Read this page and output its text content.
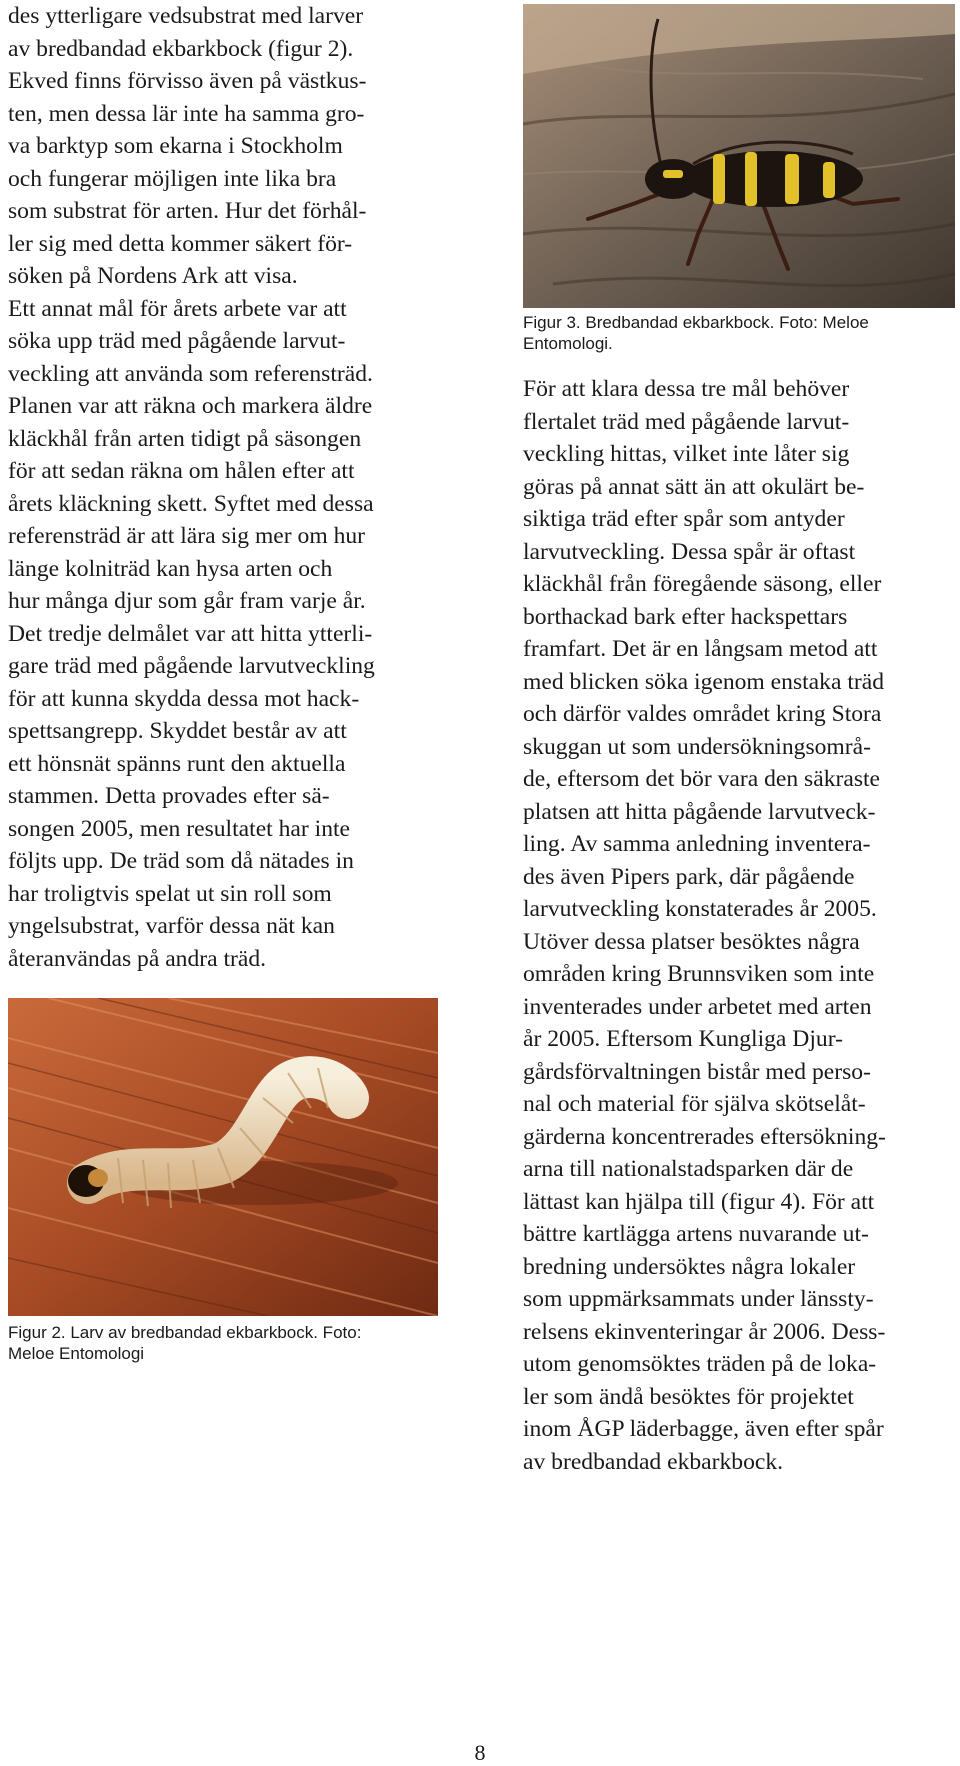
des ytterligare vedsubstrat med larver
av bredbandad ekbarkbock (figur 2).
Ekved finns förvisso även på västkus-
ten, men dessa lär inte ha samma gro-
va barktyp som ekarna i Stockholm
och fungerar möjligen inte lika bra
som substrat för arten. Hur det förhål-
ler sig med detta kommer säkert för-
söken på Nordens Ark att visa.
Ett annat mål för årets arbete var att
söka upp träd med pågående larvut-
veckling att använda som referensträd.
Planen var att räkna och markera äldre
kläckhål från arten tidigt på säsongen
för att sedan räkna om hålen efter att
årets kläckning skett. Syftet med dessa
referensträd är att lära sig mer om hur
länge kolniträd kan hysa arten och
hur många djur som går fram varje år.
Det tredje delmålet var att hitta ytterli-
gare träd med pågående larvutveckling
för att kunna skydda dessa mot hack-
spettsangrepp. Skyddet består av att
ett hönsnät spänns runt den aktuella
stammen. Detta provades efter sä-
songen 2005, men resultatet har inte
följts upp. De träd som då nätades in
har troligtvis spelat ut sin roll som
yngelsubstrat, varför dessa nät kan
återanvändas på andra träd.

Figur 2. Larv av bredbandad ekbarkbock. Foto:
Meloe Entomologi

Figur 3. Bredbandad ekbarkbock. Foto: Meloe
Entomologi.

För att klara dessa tre mål behöver
flertalet träd med pågående larvut-
veckling hittas, vilket inte låter sig
göras på annat sätt än att okulärt be-
siktiga träd efter spår som antyder
larvutveckling. Dessa spår är oftast
kläckhål från föregående säsong, eller
borthackad bark efter hackspettars
framfart. Det är en långsam metod att
med blicken söka igenom enstaka träd
och därför valdes området kring Stora
skuggan ut som undersökningsområ-
de, eftersom det bör vara den säkraste
platsen att hitta pågående larvutveck-
ling. Av samma anledning inventera-
des även Pipers park, där pågående
larvutveckling konstaterades år 2005.
Utöver dessa platser besöktes några
områden kring Brunnsviken som inte
inventerades under arbetet med arten
år 2005. Eftersom Kungliga Djur-
gårdsförvaltningen bistår med perso-
nal och material för själva skötselåt-
gärderna koncentrerades eftersökning-
arna till nationalstadsparken där de
lättast kan hjälpa till (figur 4). För att
bättre kartlägga artens nuvarande ut-
bredning undersöktes några lokaler
som uppmärksammats under länssty-
relsens ekinventeringar år 2006. Dess-
utom genomsöktes träden på de loka-
ler som ändå besöktes för projektet
inom ÅGP läderbagge, även efter spår
av bredbandad ekbarkbock.

8
